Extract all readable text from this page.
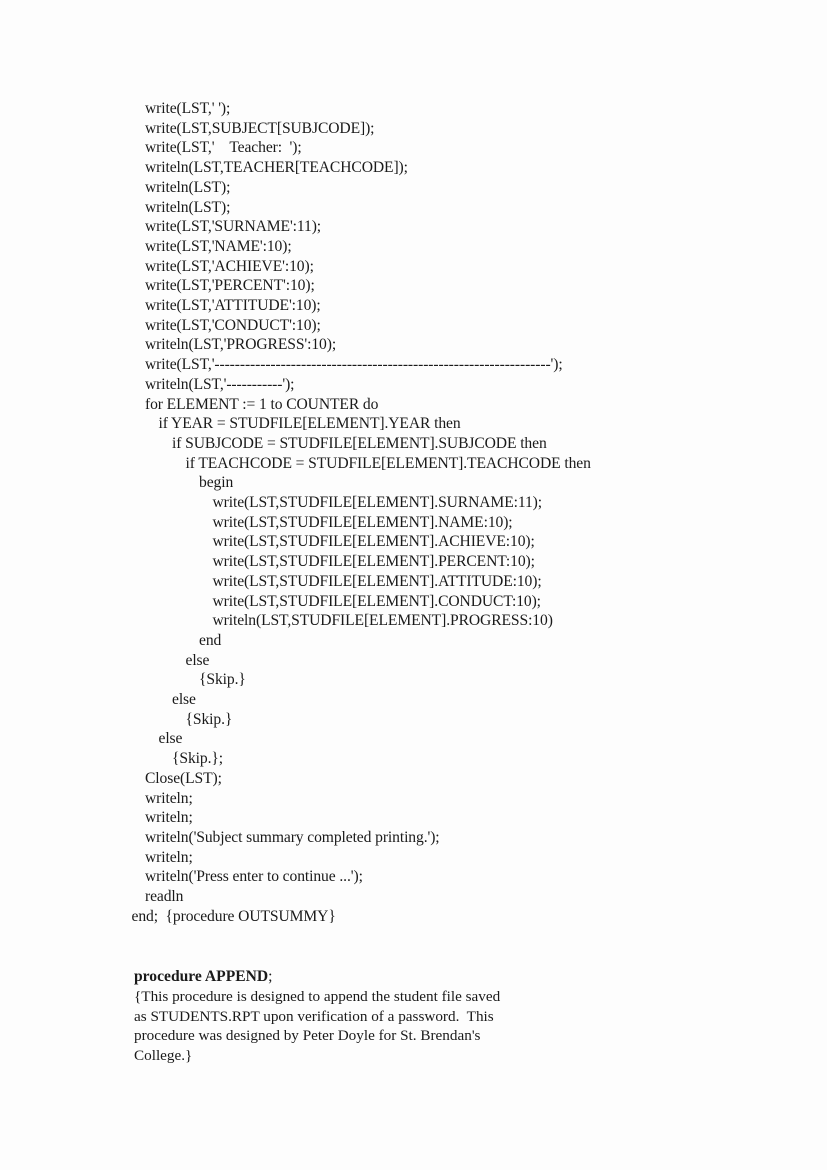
write(LST,' ');
write(LST,SUBJECT[SUBJCODE]);
write(LST,'    Teacher:  ');
writeln(LST,TEACHER[TEACHCODE]);
writeln(LST);
writeln(LST);
write(LST,'SURNAME':11);
write(LST,'NAME':10);
write(LST,'ACHIEVE':10);
write(LST,'PERCENT':10);
write(LST,'ATTITUDE':10);
write(LST,'CONDUCT':10);
writeln(LST,'PROGRESS':10);
write(LST,'------------------------------------------------------------------');
writeln(LST,'-----------');
for ELEMENT := 1 to COUNTER do
if YEAR = STUDFILE[ELEMENT].YEAR then
if SUBJCODE = STUDFILE[ELEMENT].SUBJCODE then
if TEACHCODE = STUDFILE[ELEMENT].TEACHCODE then
begin
write(LST,STUDFILE[ELEMENT].SURNAME:11);
write(LST,STUDFILE[ELEMENT].NAME:10);
write(LST,STUDFILE[ELEMENT].ACHIEVE:10);
write(LST,STUDFILE[ELEMENT].PERCENT:10);
write(LST,STUDFILE[ELEMENT].ATTITUDE:10);
write(LST,STUDFILE[ELEMENT].CONDUCT:10);
writeln(LST,STUDFILE[ELEMENT].PROGRESS:10)
end
else
{Skip.}
else
{Skip.}
else
{Skip.};
Close(LST);
writeln;
writeln;
writeln('Subject summary completed printing.');
writeln;
writeln('Press enter to continue ...');
readln
end;  {procedure OUTSUMMY}
procedure APPEND;
{This procedure is designed to append the student file saved
as STUDENTS.RPT upon verification of a password.  This
procedure was designed by Peter Doyle for St. Brendan's
College.}
